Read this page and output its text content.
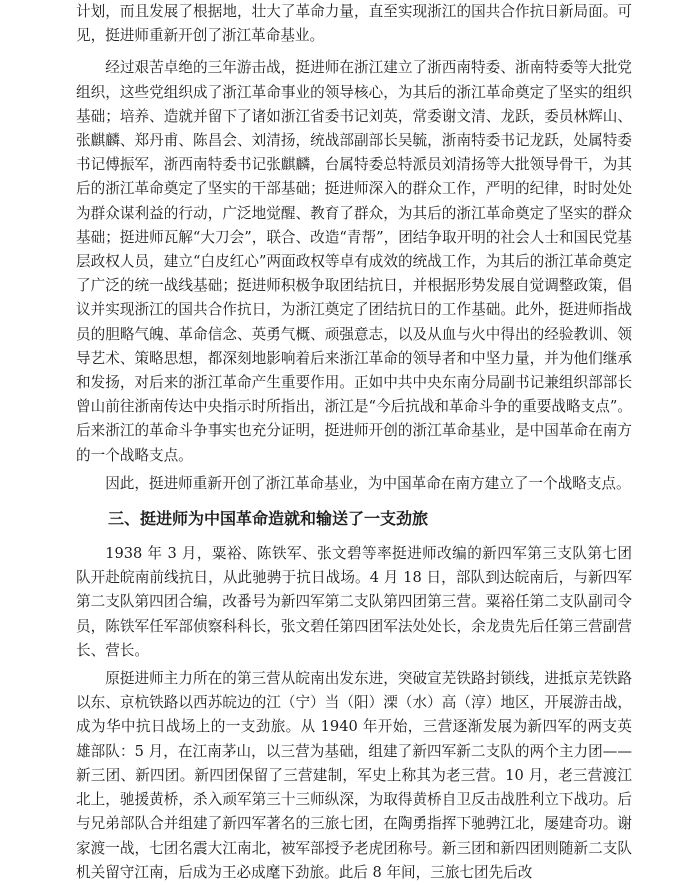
计划，而且发展了根据地，壮大了革命力量，直至实现浙江的国共合作抗日新局面。可见，挺进师重新开创了浙江革命基业。

经过艰苦卓绝的三年游击战，挺进师在浙江建立了浙西南特委、浙南特委等大批党组织，这些党组织成了浙江革命事业的领导核心，为其后的浙江革命奠定了坚实的组织基础；培养、造就并留下了诸如浙江省委书记刘英，常委谢文清、龙跃，委员林辉山、张麒麟、郑丹甫、陈昌会、刘清扬，统战部副部长吴毓，浙南特委书记龙跃，处属特委书记傅振军，浙西南特委书记张麒麟，台属特委总特派员刘清扬等大批领导骨干，为其后的浙江革命奠定了坚实的干部基础；挺进师深入的群众工作，严明的纪律，时时处处为群众谋利益的行动，广泛地觉醒、教育了群众，为其后的浙江革命奠定了坚实的群众基础；挺进师瓦解“大刀会”，联合、改造“青帮”，团结争取开明的社会人士和国民党基层政权人员，建立“白皮红心”两面政权等卓有成效的统战工作，为其后的浙江革命奠定了广泛的统一战线基础；挺进师积极争取团结抗日，并根据形势发展自觉调整政策，倡议并实现浙江的国共合作抗日，为浙江奠定了团结抗日的工作基础。此外，挺进师指战员的胆略气魄、革命信念、英勇气概、顽强意志，以及从血与火中得出的经验教训、领导艺术、策略思想，都深刻地影响着后来浙江革命的领导者和中坚力量，并为他们继承和发扬，对后来的浙江革命产生重要作用。正如中共中央东南分局副书记兼组织部部长曾山前往浙南传达中央指示时所指出，浙江是“今后抗战和革命斗争的重要战略支点”。后来浙江的革命斗争事实也充分证明，挺进师开创的浙江革命基业，是中国革命在南方的一个战略支点。

因此，挺进师重新开创了浙江革命基业，为中国革命在南方建立了一个战略支点。

三、挺进师为中国革命造就和输送了一支劲旅

1938 年 3 月，粟裕、陈铁军、张文碧等率挺进师改编的新四军第三支队第七团队开赴皖南前线抗日，从此驰骋于抗日战场。4 月 18 日，部队到达皖南后，与新四军第二支队第四团合编，改番号为新四军第二支队第四团第三营。粟裕任第二支队副司令员，陈铁军任军部侦察科科长，张文碧任第四团军法处处长，余龙贵先后任第三营副营长、营长。

原挺进师主力所在的第三营从皖南出发东进，突破宣芜铁路封锁线，进抵京芜铁路以东、京杭铁路以西苏皖边的江（宁）当（阳）溧（水）高（淳）地区，开展游击战，成为华中抗日战场上的一支劲旅。从 1940 年开始，三营逐渐发展为新四军的两支英雄部队：5 月，在江南茅山，以三营为基础，组建了新四军新二支队的两个主力团——新三团、新四团。新四团保留了三营建制，军史上称其为老三营。10 月，老三营渡江北上，驰援黄桥，杀入顽军第三十三师纵深，为取得黄桥自卫反击战胜利立下战功。后与兄弟部队合并组建了新四军著名的三旅七团，在陶勇指挥下驰骋江北，屡建奇功。谢家渡一战，七团名震大江南北，被军部授予老虎团称号。新三团和新四团则随新二支队机关留守江南，后成为王必成麾下劲旅。此后 8 年间，三旅七团先后改
